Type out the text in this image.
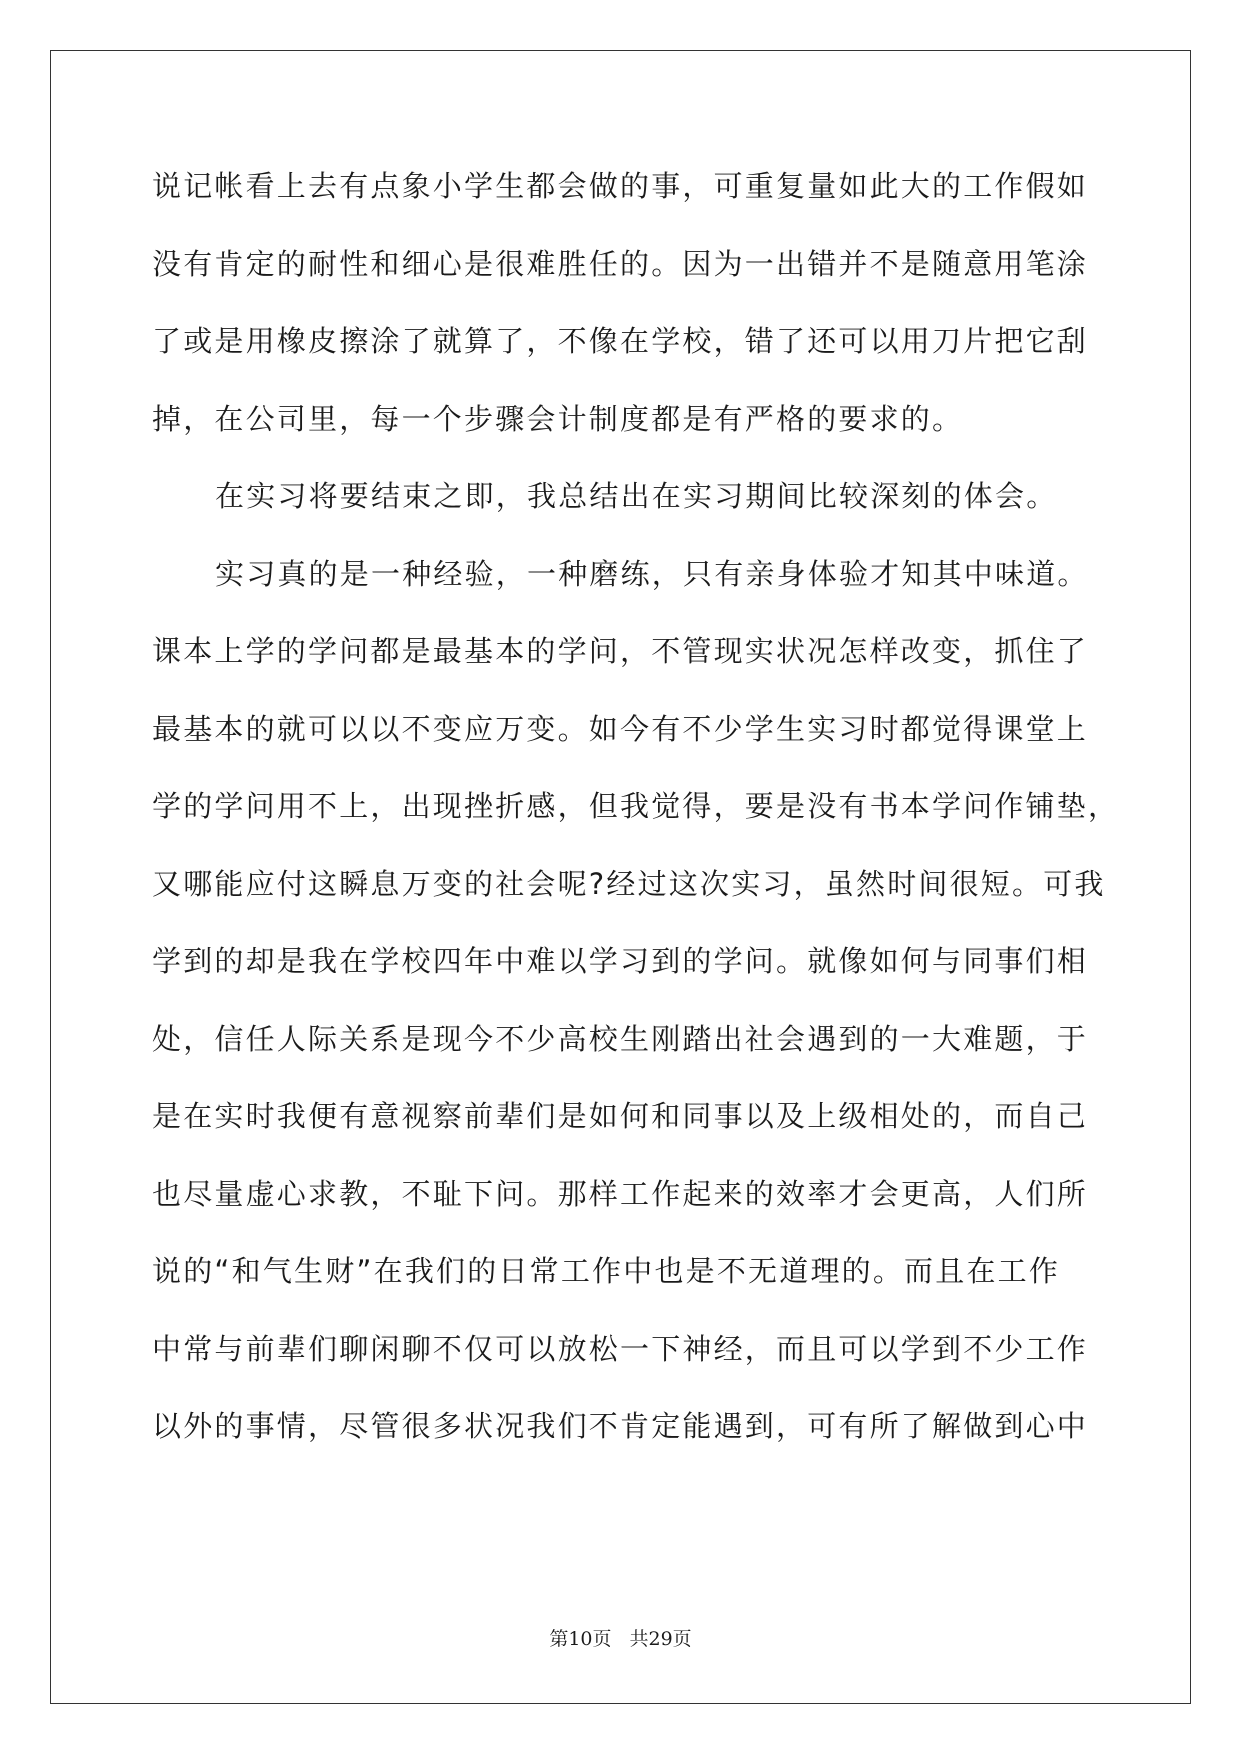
说记帐看上去有点象小学生都会做的事，可重复量如此大的工作假如
没有肯定的耐性和细心是很难胜任的。因为一出错并不是随意用笔涂
了或是用橡皮擦涂了就算了，不像在学校，错了还可以用刀片把它刮
掉，在公司里，每一个步骤会计制度都是有严格的要求的。
在实习将要结束之即，我总结出在实习期间比较深刻的体会。
实习真的是一种经验，一种磨练，只有亲身体验才知其中味道。
课本上学的学问都是最基本的学问，不管现实状况怎样改变，抓住了
最基本的就可以以不变应万变。如今有不少学生实习时都觉得课堂上
学的学问用不上，出现挫折感，但我觉得，要是没有书本学问作铺垫，
又哪能应付这瞬息万变的社会呢?经过这次实习，虽然时间很短。可我
学到的却是我在学校四年中难以学习到的学问。就像如何与同事们相
处，信任人际关系是现今不少高校生刚踏出社会遇到的一大难题，于
是在实时我便有意视察前辈们是如何和同事以及上级相处的，而自己
也尽量虚心求教，不耻下问。那样工作起来的效率才会更高，人们所
说的“和气生财”在我们的日常工作中也是不无道理的。而且在工作
中常与前辈们聊闲聊不仅可以放松一下神经，而且可以学到不少工作
以外的事情，尽管很多状况我们不肯定能遇到，可有所了解做到心中
第10页 共29页
